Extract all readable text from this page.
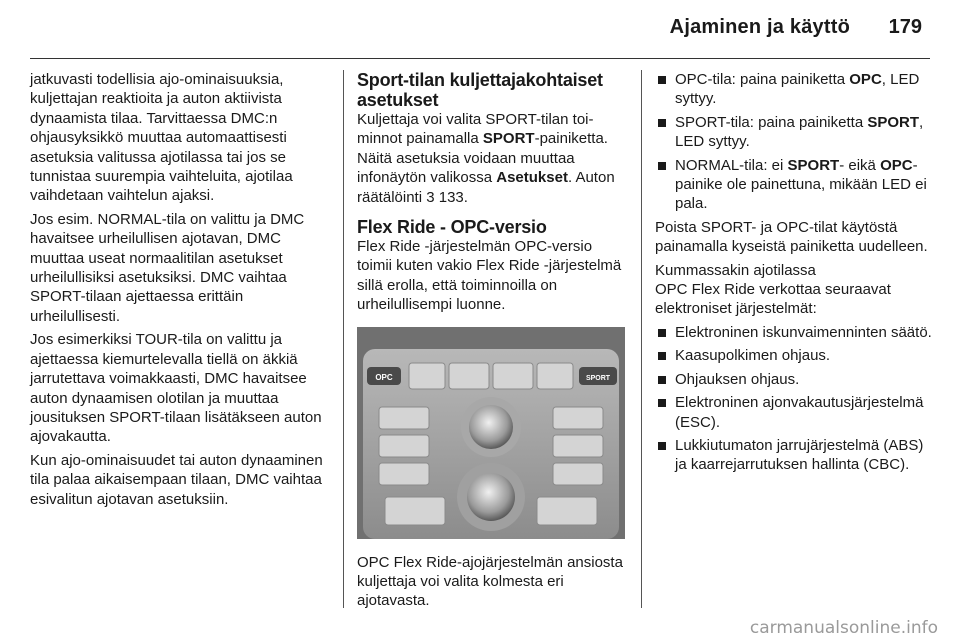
Ajaminen ja käyttö 179

jatkuvasti todellisia ajo-ominaisuuksia, kuljettajan reaktioita ja auton aktiivista dynaamista tilaa. Tarvittaessa DMC:n ohjausyksikkö muuttaa automaattisesti asetuksia valitussa ajotilassa tai jos se tunnistaa suurempia vaihteluita, ajotilaa vaihdetaan vaihtelun ajaksi.

Jos esim. NORMAL-tila on valittu ja DMC havaitsee urheilullisen ajotavan, DMC muuttaa useat normaalitilan asetukset urheilullisiksi asetuksiksi. DMC vaihtaa SPORT-tilaan ajettaessa erittäin urheilullisesti.

Jos esimerkiksi TOUR-tila on valittu ja ajettaessa kiemurtelevalla tiellä on äkkiä jarrutettava voimakkaasti, DMC havaitsee auton dynaamisen olotilan ja muuttaa jousituksen SPORT-tilaan lisätäkseen auton ajovakautta.

Kun ajo-ominaisuudet tai auton dynaaminen tila palaa aikaisempaan tilaan, DMC vaihtaa esivalitun ajotavan asetuksiin.

Sport-tilan kuljettajakohtaiset asetukset

Kuljettaja voi valita SPORT-tilan toiminnot painamalla SPORT-painiketta. Näitä asetuksia voidaan muuttaa infonäytön valikossa Asetukset. Auton räätälöinti 3 133.

Flex Ride - OPC-versio

Flex Ride -järjestelmän OPC-versio toimii kuten vakio Flex Ride -järjestelmä sillä erolla, että toiminnoilla on urheilullisempi luonne.

OPC	SPORT

OPC Flex Ride-ajojärjestelmän ansiosta kuljettaja voi valita kolmesta eri ajotavasta.

OPC-tila: paina painiketta OPC, LED syttyy.
SPORT-tila: paina painiketta SPORT, LED syttyy.
NORMAL-tila: ei SPORT- eikä OPC-painike ole painettuna, mikään LED ei pala.

Poista SPORT- ja OPC-tilat käytöstä painamalla kyseistä painiketta uudelleen.

Kummassakin ajotilassa
OPC Flex Ride verkottaa seuraavat elektroniset järjestelmät:

Elektroninen iskunvaimenninten säätö.
Kaasupolkimen ohjaus.
Ohjauksen ohjaus.
Elektroninen ajonvakautusjärjestelmä (ESC).
Lukkiutumaton jarrujärjestelmä (ABS) ja kaarrejarrutuksen hallinta (CBC).
carmanualsonline.info
